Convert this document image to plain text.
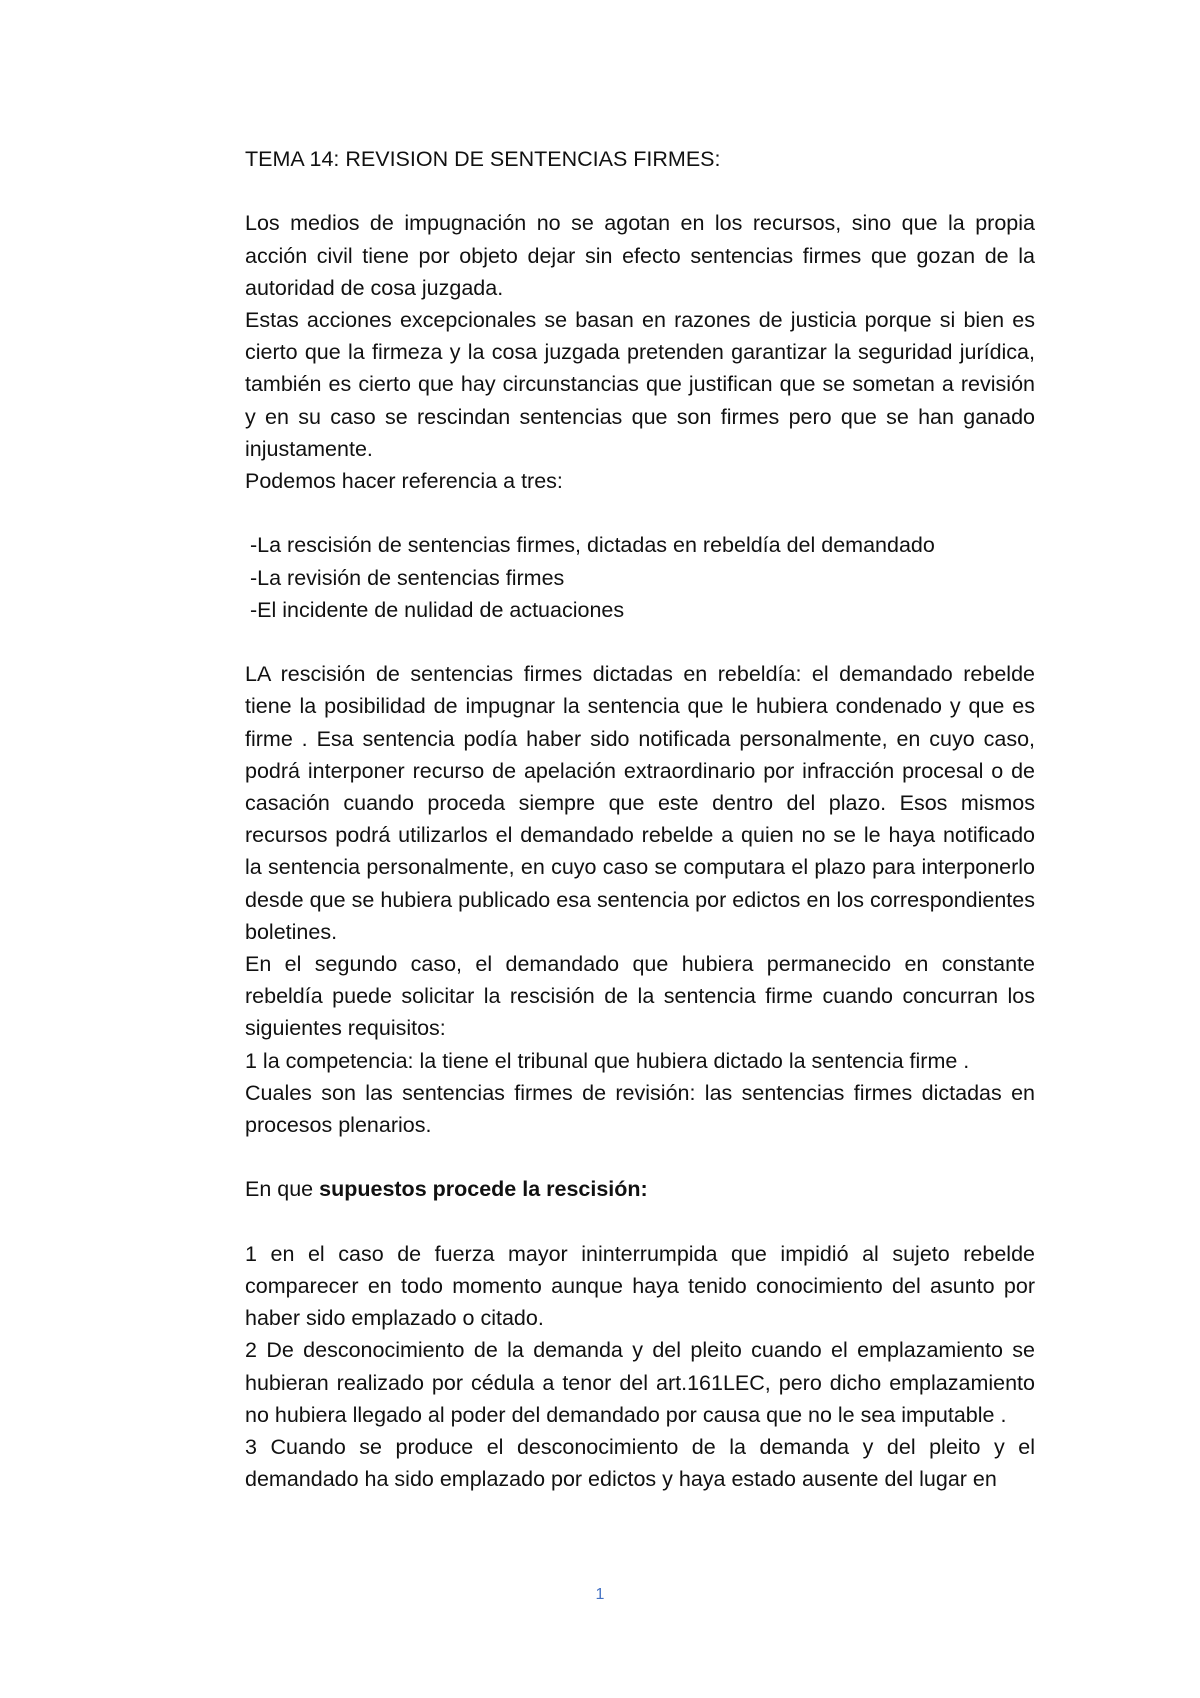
TEMA 14: REVISION DE SENTENCIAS FIRMES:

Los medios de impugnación no se agotan en los recursos, sino que la propia acción civil tiene por objeto dejar sin efecto sentencias firmes que gozan de la autoridad de cosa juzgada.

Estas acciones excepcionales se basan en razones de justicia porque si bien es cierto que la firmeza y la cosa juzgada pretenden garantizar la seguridad jurídica, también es cierto que hay circunstancias que justifican que se sometan a revisión y en su caso se rescindan sentencias que son firmes pero que se han ganado injustamente.

Podemos hacer referencia a tres:

-La rescisión de sentencias firmes, dictadas en rebeldía del demandado

-La revisión de sentencias firmes

-El incidente de nulidad de actuaciones

LA rescisión de sentencias firmes dictadas en rebeldía: el demandado rebelde tiene la posibilidad de impugnar la sentencia que le hubiera condenado y que es firme . Esa sentencia podía haber sido notificada personalmente, en cuyo caso, podrá interponer recurso de apelación extraordinario por infracción procesal o de casación cuando proceda siempre que este dentro del plazo. Esos mismos recursos podrá utilizarlos el demandado rebelde a quien no se le haya notificado la sentencia personalmente, en cuyo caso se computara el plazo para interponerlo desde que se hubiera publicado esa sentencia por edictos en los correspondientes boletines.

En el segundo caso, el demandado que hubiera permanecido en constante rebeldía puede solicitar la rescisión de la sentencia firme cuando concurran los siguientes requisitos:

1 la competencia: la tiene el tribunal que hubiera dictado la sentencia firme .

Cuales son las sentencias firmes de revisión: las sentencias firmes dictadas en procesos plenarios.

En que supuestos procede la rescisión:

1 en el caso de fuerza mayor ininterrumpida que impidió al sujeto rebelde comparecer en todo momento aunque haya tenido conocimiento del asunto por haber sido emplazado o citado.

2 De desconocimiento de la demanda y del pleito cuando el emplazamiento se hubieran realizado por cédula a tenor del art.161LEC, pero dicho emplazamiento no hubiera llegado al poder del demandado por causa que no le sea imputable .

3 Cuando se produce el desconocimiento de la demanda y del pleito y el demandado ha sido emplazado por edictos y haya estado ausente del lugar en

1
